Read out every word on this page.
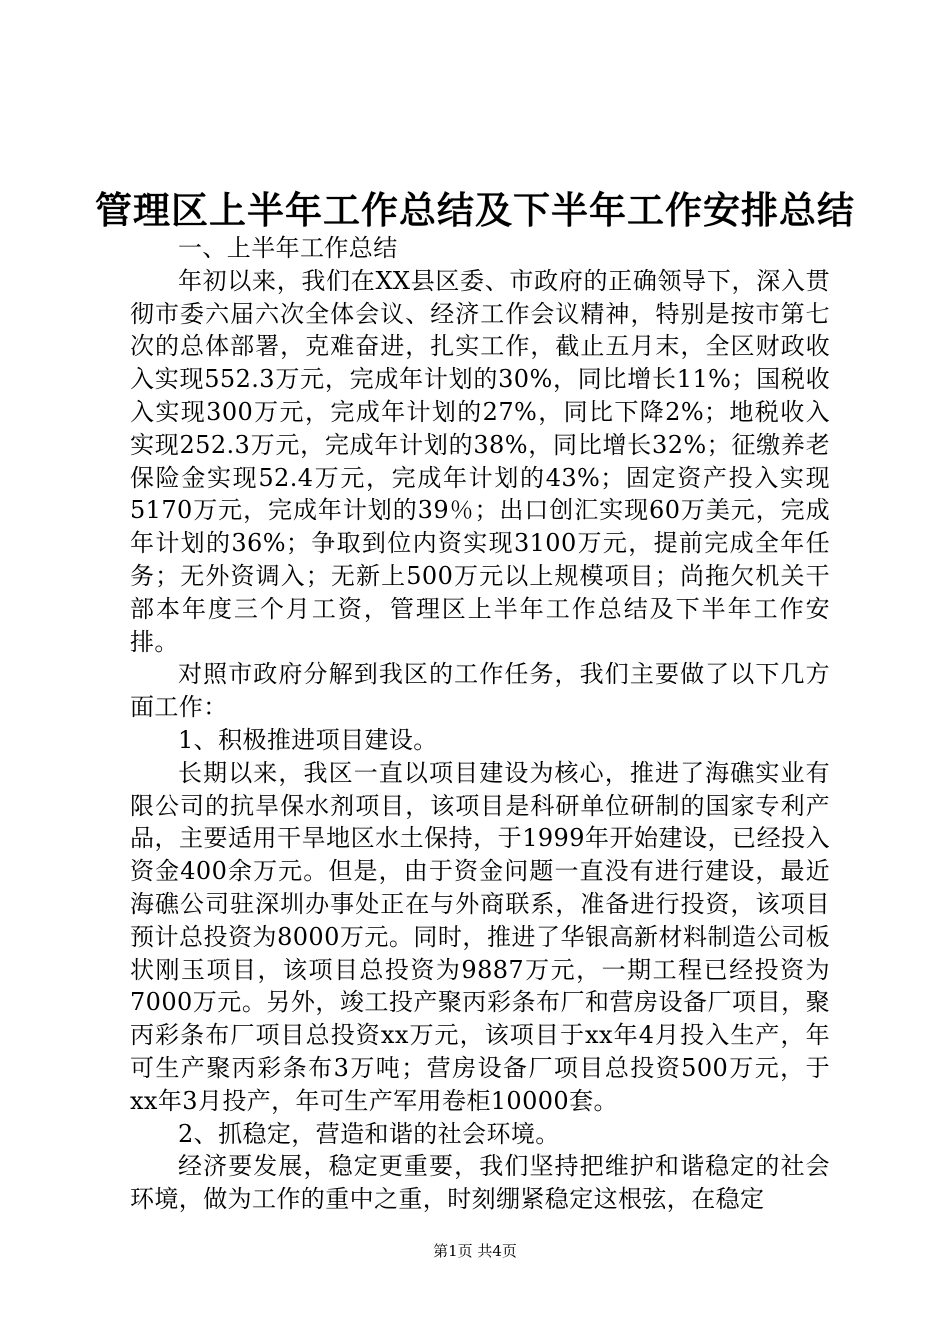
管理区上半年工作总结及下半年工作安排总结

一、上半年工作总结

年初以来，我们在XX县区委、市政府的正确领导下，深入贯彻市委六届六次全体会议、经济工作会议精神，特别是按市第七次的总体部署，克难奋进，扎实工作，截止五月末，全区财政收入实现552.3万元，完成年计划的30%，同比增长11%；国税收入实现300万元，完成年计划的27%，同比下降2%；地税收入实现252.3万元，完成年计划的38%，同比增长32%；征缴养老保险金实现52.4万元，完成年计划的43%；固定资产投入实现5170万元，完成年计划的39％；出口创汇实现60万美元，完成年计划的36%；争取到位内资实现3100万元，提前完成全年任务；无外资调入；无新上500万元以上规模项目；尚拖欠机关干部本年度三个月工资，管理区上半年工作总结及下半年工作安排。

对照市政府分解到我区的工作任务，我们主要做了以下几方面工作：

1、积极推进项目建设。

长期以来，我区一直以项目建设为核心，推进了海礁实业有限公司的抗旱保水剂项目，该项目是科研单位研制的国家专利产品，主要适用干旱地区水土保持，于1999年开始建设，已经投入资金400余万元。但是，由于资金问题一直没有进行建设，最近海礁公司驻深圳办事处正在与外商联系，准备进行投资，该项目预计总投资为8000万元。同时，推进了华银高新材料制造公司板状刚玉项目，该项目总投资为9887万元，一期工程已经投资为7000万元。另外，竣工投产聚丙彩条布厂和营房设备厂项目，聚丙彩条布厂项目总投资xx万元，该项目于xx年4月投入生产，年可生产聚丙彩条布3万吨；营房设备厂项目总投资500万元，于xx年3月投产，年可生产军用卷柜10000套。

2、抓稳定，营造和谐的社会环境。

经济要发展，稳定更重要，我们坚持把维护和谐稳定的社会环境，做为工作的重中之重，时刻绷紧稳定这根弦，在稳定

第1页 共4页
